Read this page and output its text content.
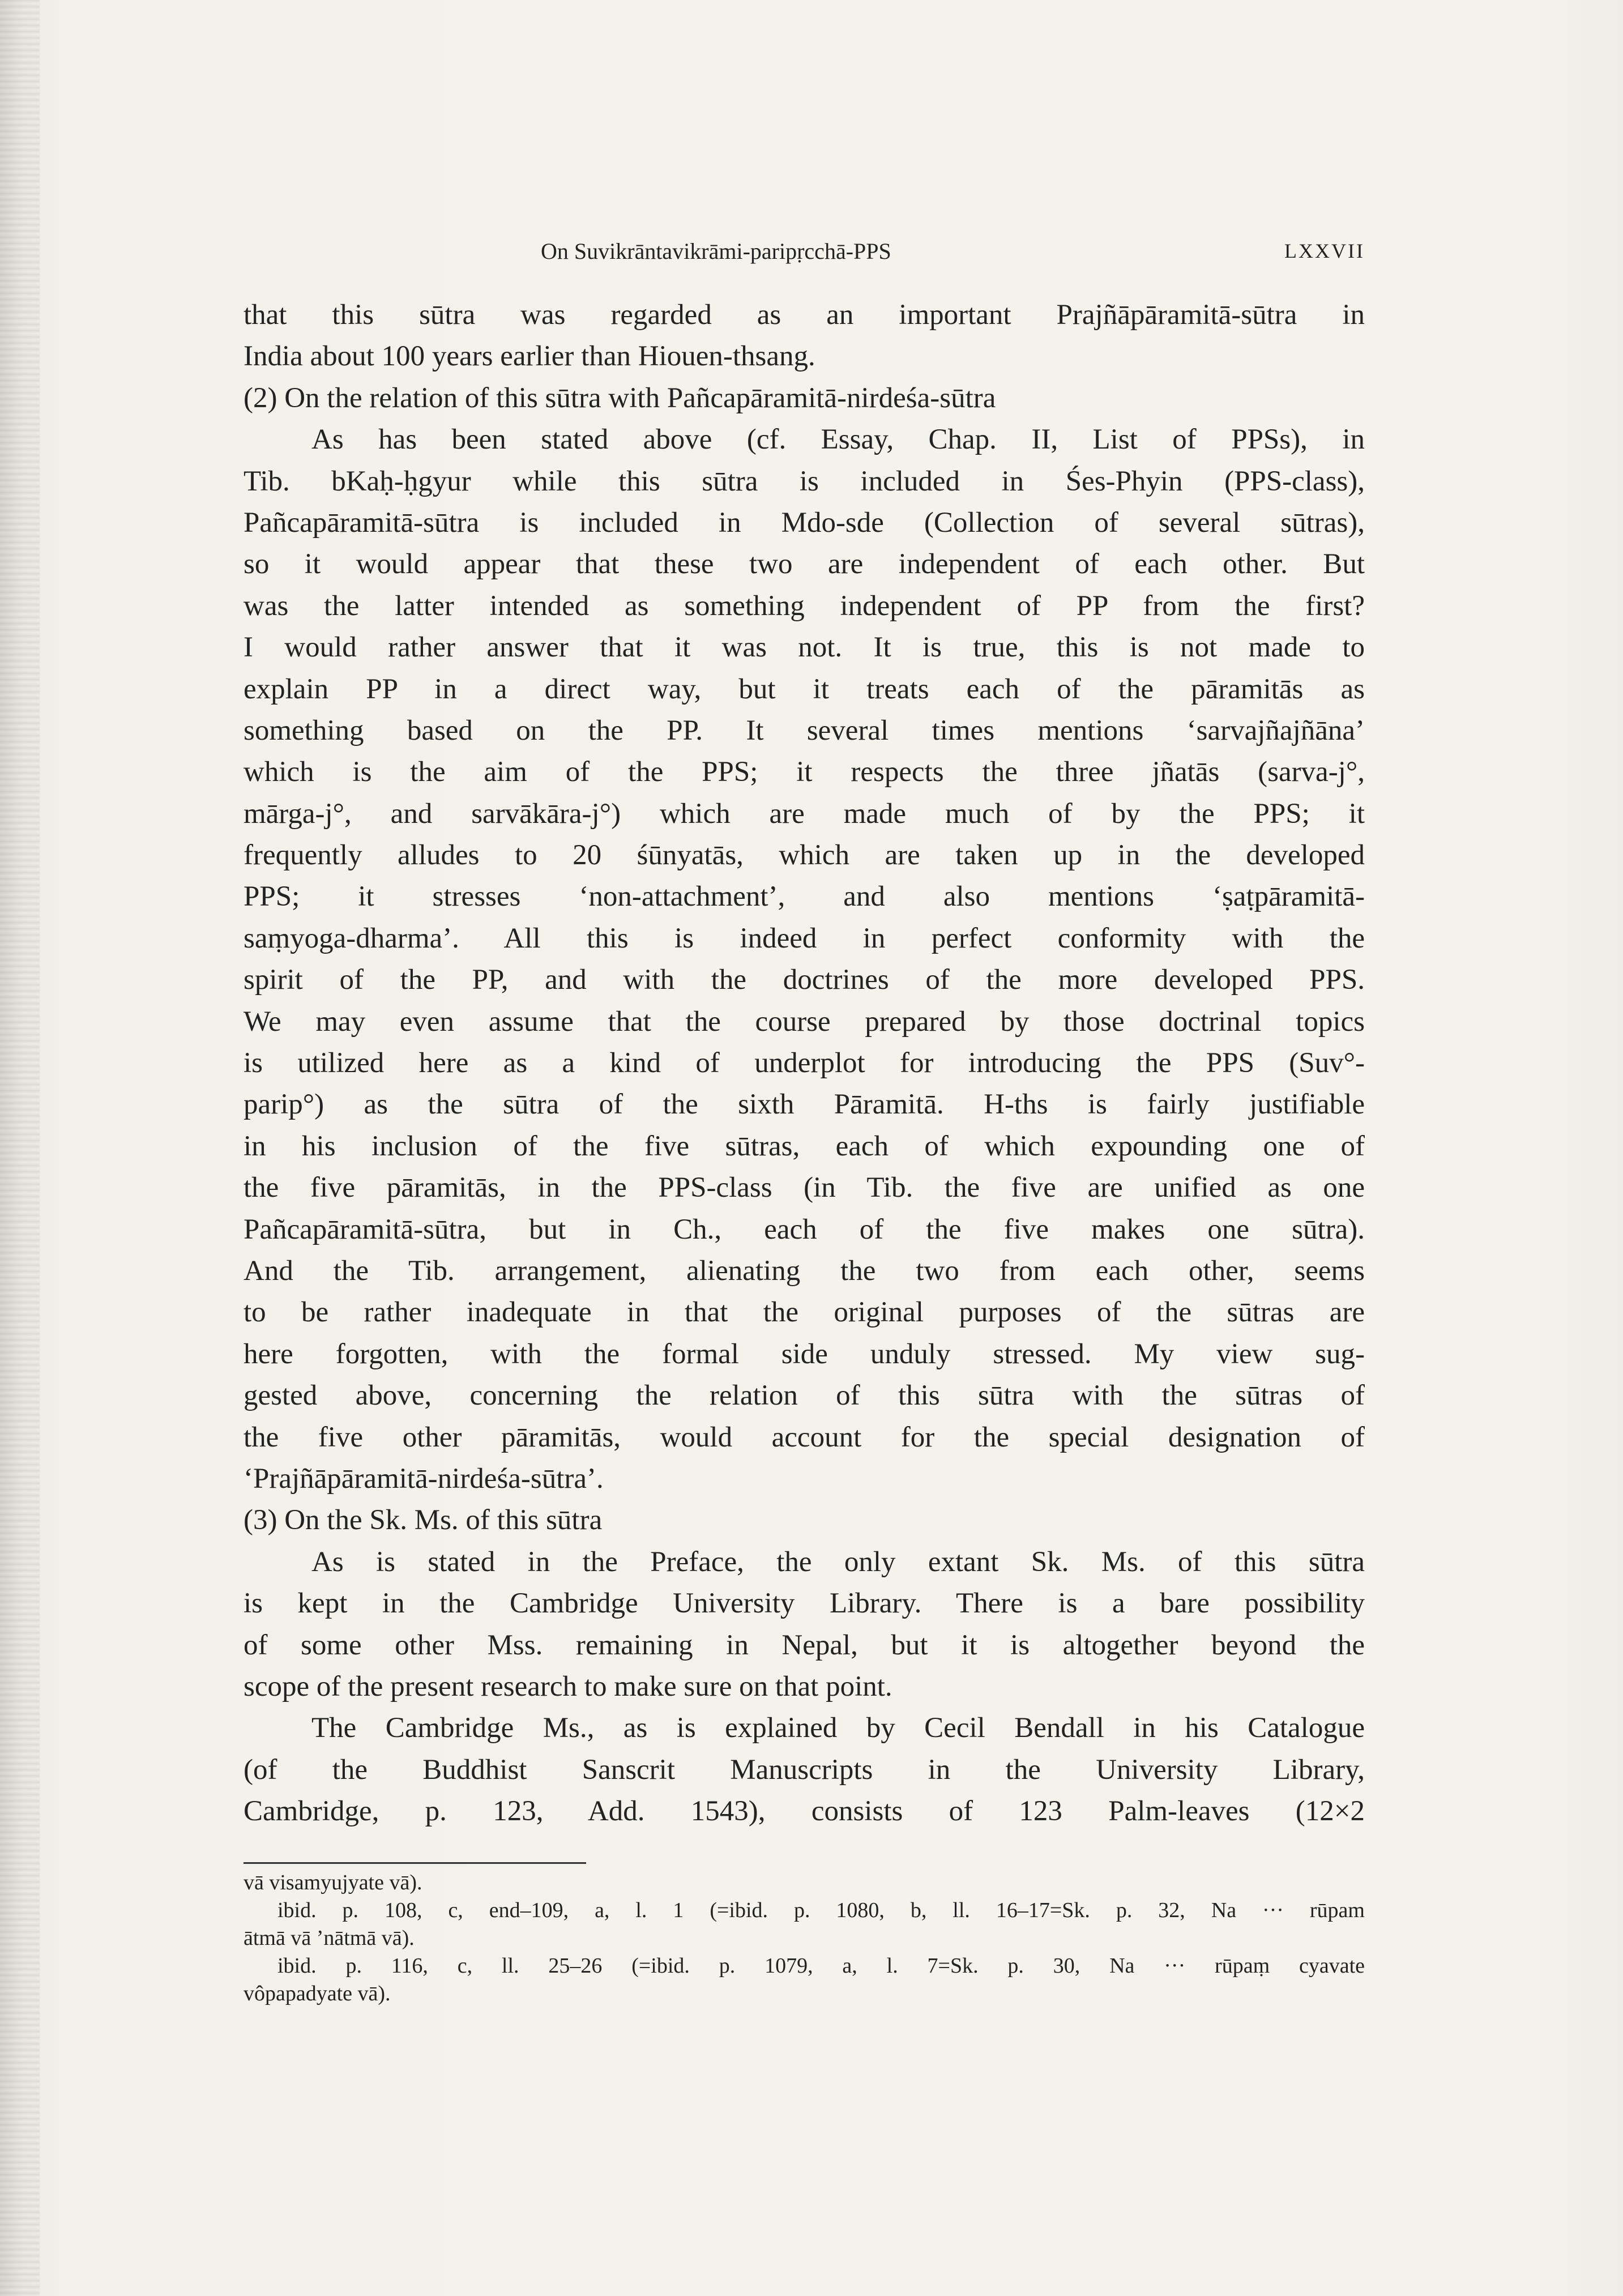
On Suvikrāntavikrāmi-paripṛcchā-PPS	LXXVII
that this sūtra was regarded as an important Prajñāpāramitā-sūtra in
India about 100 years earlier than Hiouen-thsang.
(2) On the relation of this sūtra with Pañcapāramitā-nirdeśa-sūtra
As has been stated above (cf. Essay, Chap. II, List of PPSs), in
Tib. bKaḥ-ḥgyur while this sūtra is included in Śes-Phyin (PPS-class),
Pañcapāramitā-sūtra is included in Mdo-sde (Collection of several sūtras),
so it would appear that these two are independent of each other. But
was the latter intended as something independent of PP from the first?
I would rather answer that it was not. It is true, this is not made to
explain PP in a direct way, but it treats each of the pāramitās as
something based on the PP. It several times mentions ‘sarvajñajñāna’
which is the aim of the PPS; it respects the three jñatās (sarva-j°,
mārga-j°, and sarvākāra-j°) which are made much of by the PPS; it
frequently alludes to 20 śūnyatās, which are taken up in the developed
PPS; it stresses ‘non-attachment’, and also mentions ‘ṣaṭpāramitā-
saṃyoga-dharma’. All this is indeed in perfect conformity with the
spirit of the PP, and with the doctrines of the more developed PPS.
We may even assume that the course prepared by those doctrinal topics
is utilized here as a kind of underplot for introducing the PPS (Suv°-
parip°) as the sūtra of the sixth Pāramitā. H-ths is fairly justifiable
in his inclusion of the five sūtras, each of which expounding one of
the five pāramitās, in the PPS-class (in Tib. the five are unified as one
Pañcapāramitā-sūtra, but in Ch., each of the five makes one sūtra).
And the Tib. arrangement, alienating the two from each other, seems
to be rather inadequate in that the original purposes of the sūtras are
here forgotten, with the formal side unduly stressed. My view sug-
gested above, concerning the relation of this sūtra with the sūtras of
the five other pāramitās, would account for the special designation of
‘Prajñāpāramitā-nirdeśa-sūtra’.
(3) On the Sk. Ms. of this sūtra
As is stated in the Preface, the only extant Sk. Ms. of this sūtra
is kept in the Cambridge University Library. There is a bare possibility
of some other Mss. remaining in Nepal, but it is altogether beyond the
scope of the present research to make sure on that point.
The Cambridge Ms., as is explained by Cecil Bendall in his Catalogue
(of the Buddhist Sanscrit Manuscripts in the University Library,
Cambridge, p. 123, Add. 1543), consists of 123 Palm-leaves (12×2
vā visamyujyate vā).
ibid. p. 108, c, end–109, a, l. 1 (=ibid. p. 1080, b, ll. 16–17=Sk. p. 32, Na ··· rūpam
ātmā vā ’nātmā vā).
ibid. p. 116, c, ll. 25–26 (=ibid. p. 1079, a, l. 7=Sk. p. 30, Na ··· rūpaṃ cyavate
vôpapadyate vā).
